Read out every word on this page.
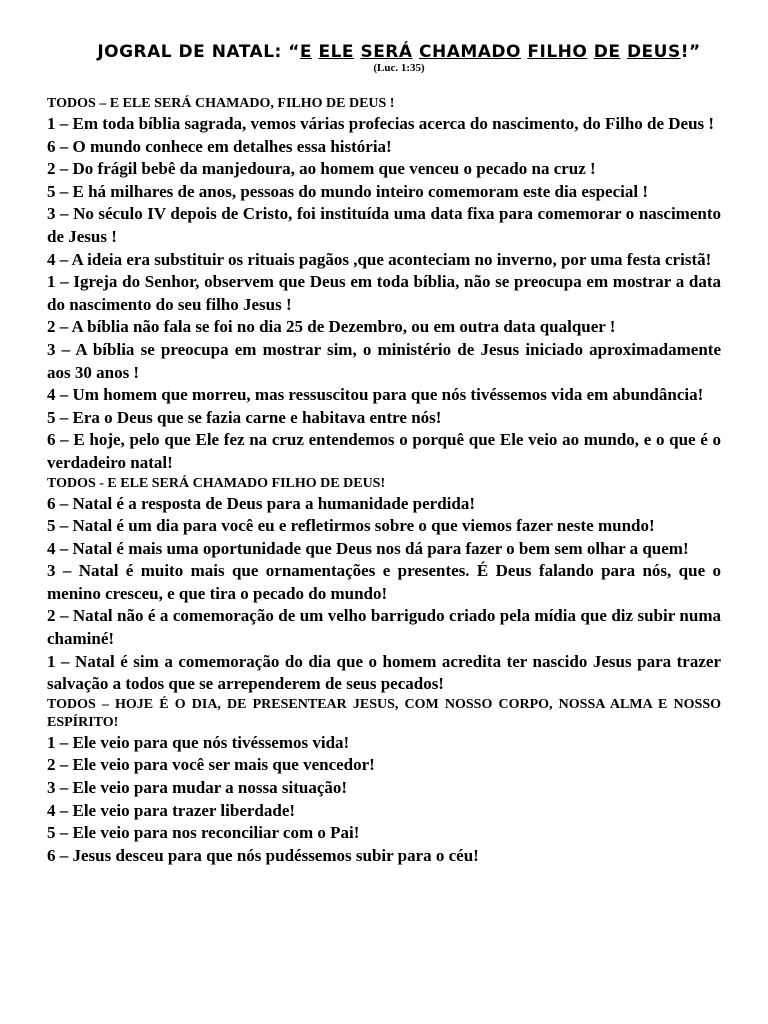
JOGRAL DE NATAL: “E ELE SERÁ CHAMADO FILHO DE DEUS!”

(Luc. 1:35)

TODOS – E ELE SERÁ CHAMADO, FILHO DE DEUS !

1 – Em toda bíblia sagrada, vemos várias profecias acerca do nascimento, do Filho de Deus !

6 – O mundo conhece em detalhes essa história!

2 – Do frágil bebê da manjedoura, ao homem que venceu o pecado na cruz !

5 – E há milhares de anos, pessoas do mundo inteiro comemoram este dia especial !

3 – No século IV depois de Cristo, foi instituída uma data fixa para comemorar o nascimento de Jesus !

4 – A ideia era substituir os rituais pagãos ,que aconteciam no inverno, por uma festa cristã!

1 – Igreja do Senhor, observem que Deus em toda bíblia, não se preocupa em mostrar a data do nascimento do seu filho Jesus !

2 – A bíblia não fala se foi no dia 25 de Dezembro, ou em outra data qualquer !

3 – A bíblia se preocupa em mostrar sim, o ministério de Jesus iniciado aproximadamente aos 30 anos !

4 – Um homem que morreu, mas ressuscitou para que nós tivéssemos vida em abundância!

5 – Era o Deus que se fazia carne e habitava entre nós!

6 – E hoje, pelo que Ele fez na cruz entendemos o porquê que Ele veio ao mundo, e o que é o verdadeiro natal!

TODOS - E ELE SERÁ CHAMADO FILHO DE DEUS!

6 – Natal é a resposta de Deus para a humanidade perdida!

5 – Natal é um dia para você eu e refletirmos sobre o que viemos fazer neste mundo!

4 – Natal é mais uma oportunidade que Deus nos dá para fazer o bem sem olhar a quem!

3 – Natal é muito mais que ornamentações e presentes. É Deus falando para nós, que o menino cresceu, e que tira o pecado do mundo!

2 – Natal não é a comemoração de um velho barrigudo criado pela mídia que diz subir numa chaminé!

1 – Natal é sim a comemoração do dia que o homem acredita ter nascido Jesus para trazer salvação a todos que se arrependerem de seus pecados!

TODOS – HOJE É O DIA, DE PRESENTEAR JESUS, COM NOSSO CORPO, NOSSA ALMA E NOSSO ESPÍRITO!

1 – Ele veio para que nós tivéssemos vida!

2 – Ele veio para você ser mais que vencedor!

3 – Ele veio para mudar a nossa situação!

4 – Ele veio para trazer liberdade!

5 – Ele veio para nos reconciliar com o Pai!

6 – Jesus desceu para que nós pudéssemos subir para o céu!
